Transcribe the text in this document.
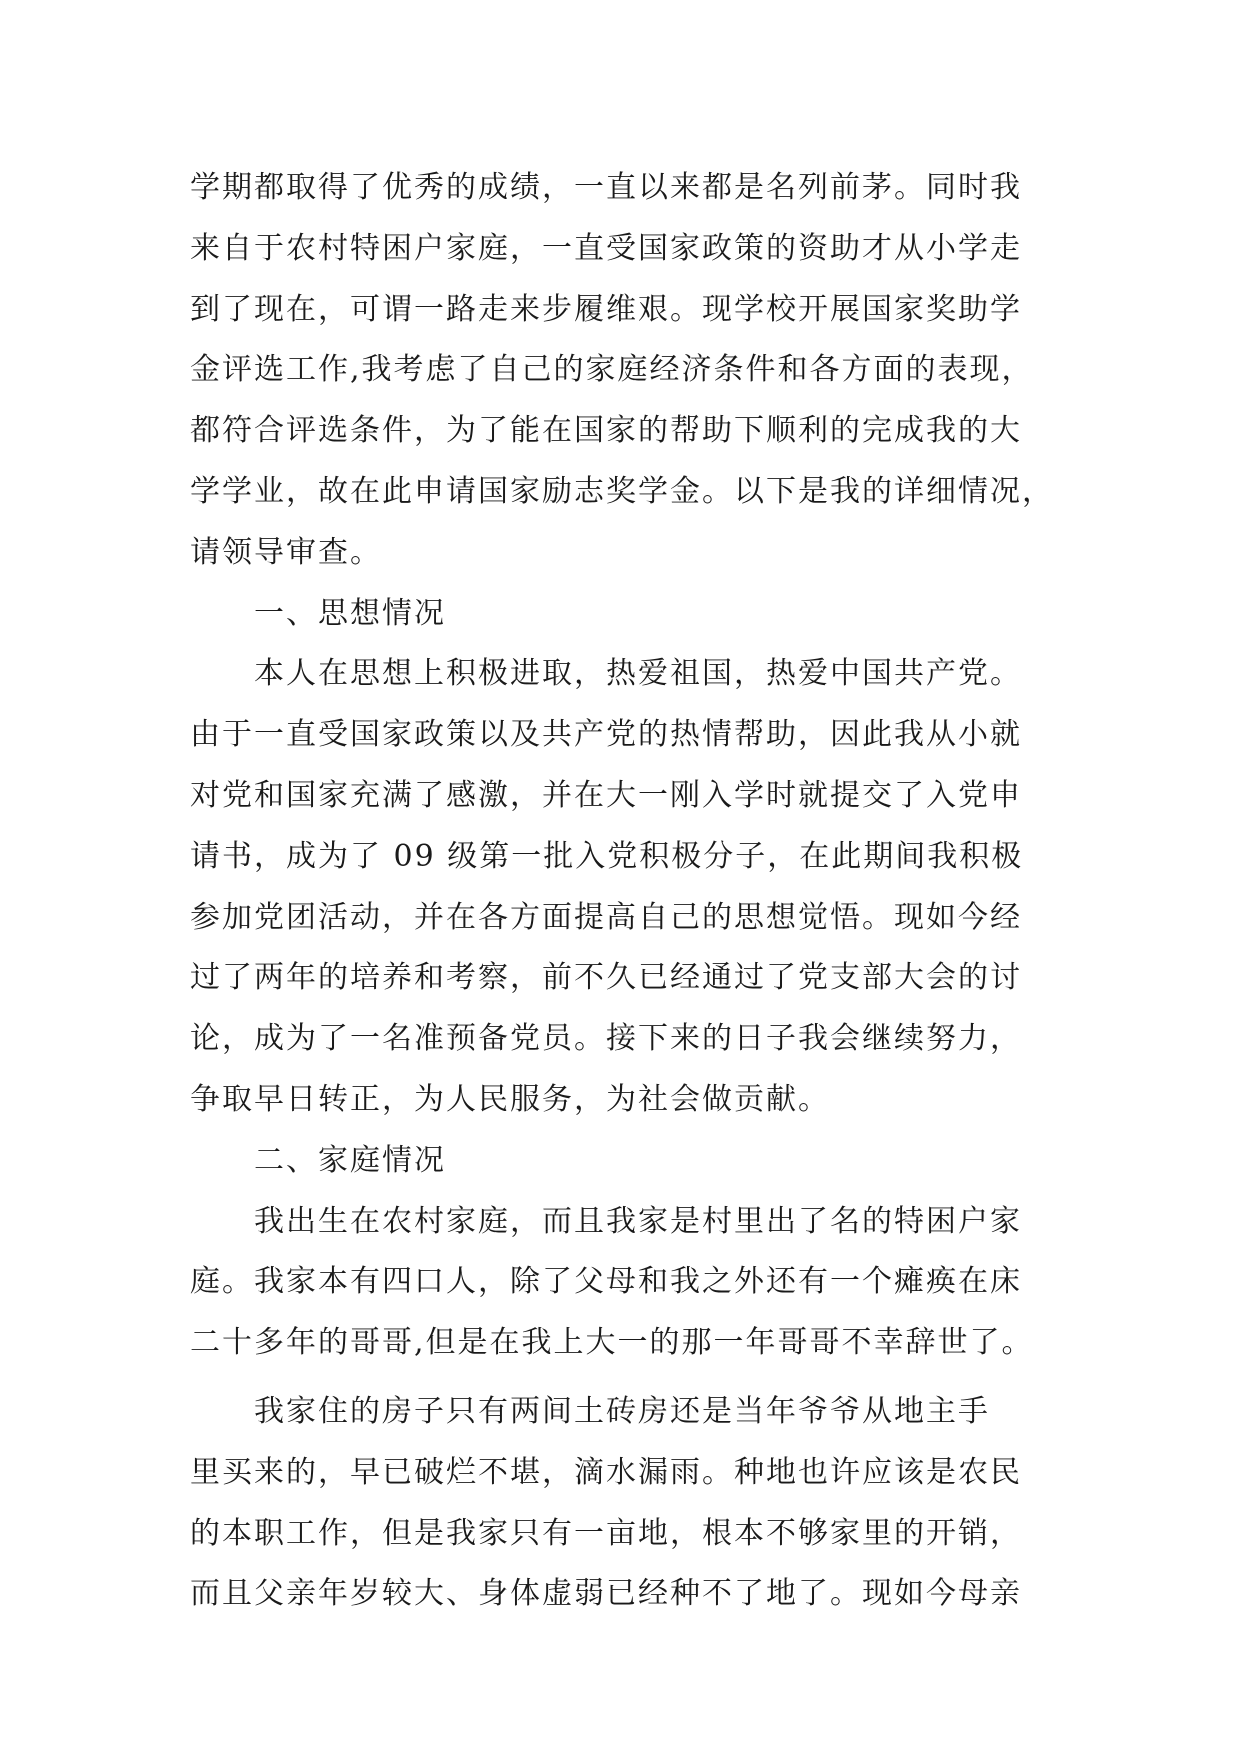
学期都取得了优秀的成绩，一直以来都是名列前茅。同时我
来自于农村特困户家庭，一直受国家政策的资助才从小学走
到了现在，可谓一路走来步履维艰。现学校开展国家奖助学
金评选工作,我考虑了自己的家庭经济条件和各方面的表现，
都符合评选条件，为了能在国家的帮助下顺利的完成我的大
学学业，故在此申请国家励志奖学金。以下是我的详细情况，
请领导审查。
一、思想情况
本人在思想上积极进取，热爱祖国，热爱中国共产党。
由于一直受国家政策以及共产党的热情帮助，因此我从小就
对党和国家充满了感激，并在大一刚入学时就提交了入党申
请书，成为了 09 级第一批入党积极分子，在此期间我积极
参加党团活动，并在各方面提高自己的思想觉悟。现如今经
过了两年的培养和考察，前不久已经通过了党支部大会的讨
论，成为了一名准预备党员。接下来的日子我会继续努力，
争取早日转正，为人民服务，为社会做贡献。
二、家庭情况
我出生在农村家庭，而且我家是村里出了名的特困户家
庭。我家本有四口人，除了父母和我之外还有一个瘫痪在床
二十多年的哥哥,但是在我上大一的那一年哥哥不幸辞世了。
我家住的房子只有两间土砖房还是当年爷爷从地主手
里买来的，早已破烂不堪，滴水漏雨。种地也许应该是农民
的本职工作，但是我家只有一亩地，根本不够家里的开销，
而且父亲年岁较大、身体虚弱已经种不了地了。现如今母亲
